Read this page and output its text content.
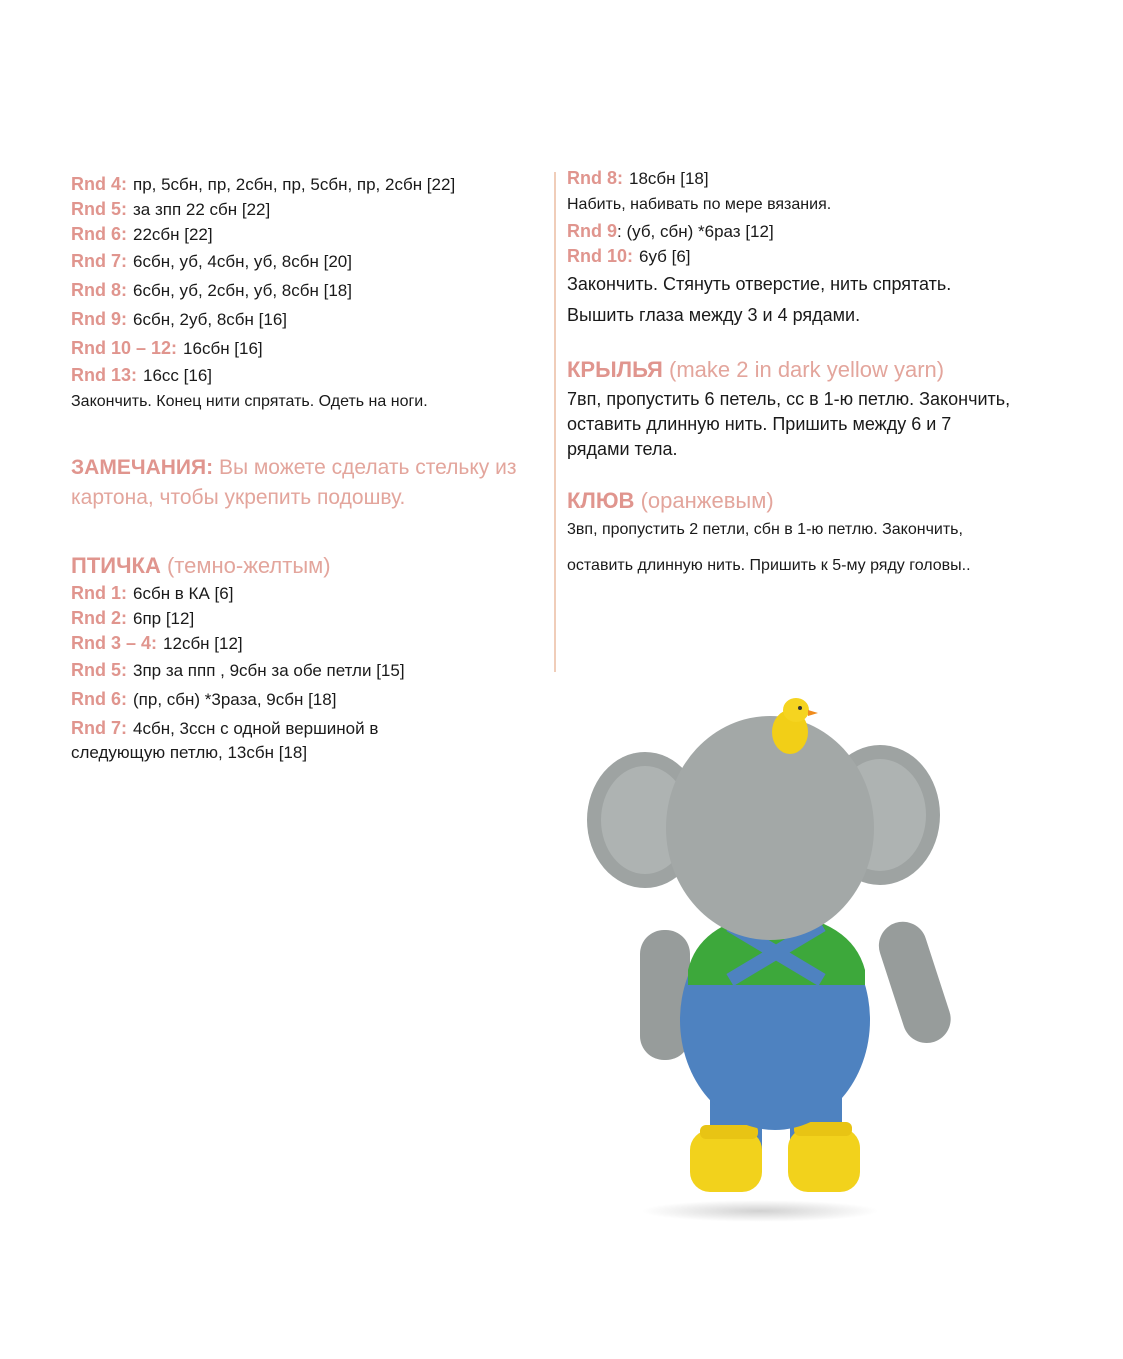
Rnd 4: пр, 5сбн, пр, 2сбн, пр, 5сбн, пр, 2сбн [22]
Rnd 5: за зпп 22 сбн [22]
Rnd 6: 22сбн [22]
Rnd 7: 6сбн, уб, 4сбн, уб, 8сбн [20]
Rnd 8: 6сбн, уб, 2сбн, уб, 8сбн [18]
Rnd 9: 6сбн, 2уб, 8сбн [16]
Rnd 10 – 12: 16сбн [16]
Rnd 13: 16сс [16]
Закончить. Конец нити спрятать. Одеть на ноги.
ЗАМЕЧАНИЯ: Вы можете сделать стельку из картона, чтобы укрепить подошву.
ПТИЧКА (темно-желтым)
Rnd 1: 6сбн в КА [6]
Rnd 2: 6пр [12]
Rnd 3 – 4: 12сбн [12]
Rnd 5: 3пр за ппп , 9сбн за обе петли [15]
Rnd 6: (пр, сбн) *3раза, 9сбн [18]
Rnd 7: 4сбн, 3ссн с одной вершиной в
следующую петлю, 13сбн [18]
Rnd 8: 18сбн [18]
Набить, набивать по мере вязания.
Rnd 9: (уб, сбн) *6раз [12]
Rnd 10: 6уб [6]
Закончить. Стянуть отверстие, нить спрятать.
Вышить глаза между 3 и 4 рядами.
КРЫЛЬЯ (make 2 in dark yellow yarn)
7вп, пропустить 6 петель, сс в 1-ю петлю. Закончить, оставить длинную нить. Пришить между 6 и 7 рядами тела.
КЛЮВ (оранжевым)
3вп, пропустить 2 петли, сбн в 1-ю петлю. Закончить,
оставить длинную нить. Пришить к 5-му ряду головы..
